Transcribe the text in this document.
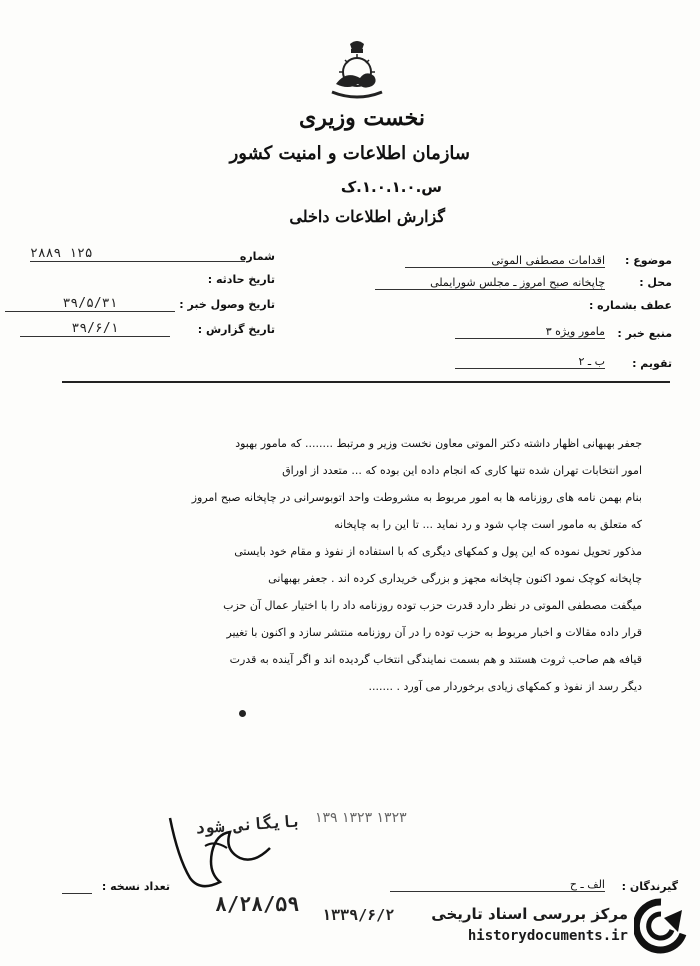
نخست وزیری
سازمان اطلاعات و امنیت کشور
س.۱.۰.۱.۰.ک
گزارش اطلاعات داخلی
شماره
۲۸۸۹ ۱۲۵
تاریخ حادثه :
تاریخ وصول خبر :
۳۹/۵/۳۱
تاریخ گزارش :
۳۹/۶/۱
موضوع :
اقدامات مصطفی الموتی
محل :
چاپخانه صبح امروز ـ مجلس شورایملی
عطف بشماره :
منبع خبر :
مامور ویژه ۳
تقویم :
ب ـ ۲
جعفر بهبهانی اظهار داشته دکتر الموتی معاون نخست وزیر و مرتبط ........ که مامور بهبود
امور انتخابات تهران شده تنها کاری که انجام داده این بوده که ... متعدد از اوراق
بنام بهمن نامه های روزنامه ها به امور مربوط به مشروطت واحد اتوبوسرانی در چاپخانه صبح امروز
که متعلق به مامور است چاپ شود و رد نماید ... تا این را به چاپخانه
مذکور تحویل نموده که این پول و کمکهای دیگری که با استفاده از نفوذ و مقام خود بایستی
چاپخانه کوچک نمود اکنون چاپخانه مجهز و بزرگی خریداری کرده اند . جعفر بهبهانی
میگفت مصطفی الموتی در نظر دارد قدرت حزب توده روزنامه داد را با اختیار عمال آن حزب
قرار داده مقالات و اخبار مربوط به حزب توده را در آن روزنامه منتشر سازد و اکنون با تغییر
قیافه هم صاحب ثروت هستند و هم بسمت نمایندگی انتخاب گردیده اند و اگر آینده به قدرت
دیگر رسد از نفوذ و کمکهای زیادی برخوردار می آورد . .......
بایگانی شود ۱۳۹ ۱۳۲۳ ۱۳۲۳
گیرندگان :
الف ـ ح
تعداد نسخه :
۸/۲۸/۵۹ ۱۳۳۹/۶/۲ مرکز بررسی اسناد تاریخی
historydocuments.ir
